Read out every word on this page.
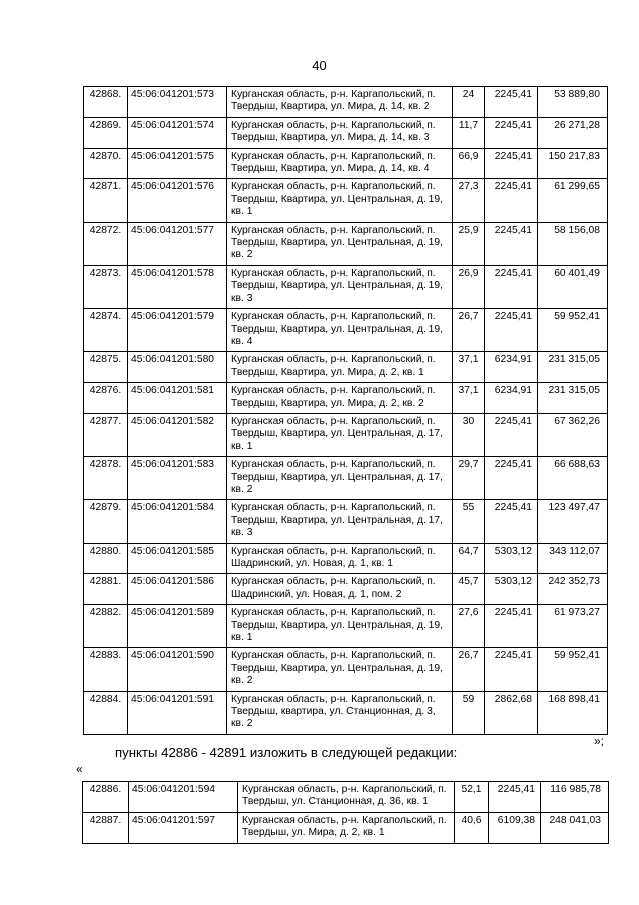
40
42868.	45:06:041201:573	Курганская область, р-н. Каргапольский, п. Твердыш, Квартира, ул. Мира, д. 14, кв. 2	24	2245,41	53 889,80
42869.	45:06:041201:574	Курганская область, р-н. Каргапольский, п. Твердыш, Квартира, ул. Мира, д. 14, кв. 3	11,7	2245,41	26 271,28
42870.	45:06:041201:575	Курганская область, р-н. Каргапольский, п. Твердыш, Квартира, ул. Мира, д. 14, кв. 4	66,9	2245,41	150 217,83
42871.	45:06:041201:576	Курганская область, р-н. Каргапольский, п. Твердыш, Квартира, ул. Центральная, д. 19, кв. 1	27,3	2245,41	61 299,65
42872.	45:06:041201:577	Курганская область, р-н. Каргапольский, п. Твердыш, Квартира, ул. Центральная, д. 19, кв. 2	25,9	2245,41	58 156,08
42873.	45:06:041201:578	Курганская область, р-н. Каргапольский, п. Твердыш, Квартира, ул. Центральная, д. 19, кв. 3	26,9	2245,41	60 401,49
42874.	45:06:041201:579	Курганская область, р-н. Каргапольский, п. Твердыш, Квартира, ул. Центральная, д. 19, кв. 4	26,7	2245,41	59 952,41
42875.	45:06:041201:580	Курганская область, р-н. Каргапольский, п. Твердыш, Квартира, ул. Мира, д. 2, кв. 1	37,1	6234,91	231 315,05
42876.	45:06:041201:581	Курганская область, р-н. Каргапольский, п. Твердыш, Квартира, ул. Мира, д. 2, кв. 2	37,1	6234,91	231 315,05
42877.	45:06:041201:582	Курганская область, р-н. Каргапольский, п. Твердыш, Квартира, ул. Центральная, д. 17, кв. 1	30	2245,41	67 362,26
42878.	45:06:041201:583	Курганская область, р-н. Каргапольский, п. Твердыш, Квартира, ул. Центральная, д. 17, кв. 2	29,7	2245,41	66 688,63
42879.	45:06:041201:584	Курганская область, р-н. Каргапольский, п. Твердыш, Квартира, ул. Центральная, д. 17, кв. 3	55	2245,41	123 497,47
42880.	45:06:041201:585	Курганская область, р-н. Каргапольский, п. Шадринский, ул. Новая, д. 1, кв. 1	64,7	5303,12	343 112,07
42881.	45:06:041201:586	Курганская область, р-н. Каргапольский, п. Шадринский, ул. Новая, д. 1, пом. 2	45,7	5303,12	242 352,73
42882.	45:06:041201:589	Курганская область, р-н. Каргапольский, п. Твердыш, Квартира, ул. Центральная, д. 19, кв. 1	27,6	2245,41	61 973,27
42883.	45:06:041201:590	Курганская область, р-н. Каргапольский, п. Твердыш, Квартира, ул. Центральная, д. 19, кв. 2	26,7	2245,41	59 952,41
42884.	45:06:041201:591	Курганская область, р-н. Каргапольский, п. Твердыш, квартира, ул. Станционная, д. 3, кв. 2	59	2862,68	168 898,41
»;
пункты 42886 - 42891 изложить в следующей редакции:
«
42886.	45:06:041201:594	Курганская область, р-н. Каргапольский, п. Твердыш, ул. Станционная, д. 36, кв. 1	52,1	2245,41	116 985,78
42887.	45:06:041201:597	Курганская область, р-н. Каргапольский, п. Твердыш, ул. Мира, д. 2, кв. 1	40,6	6109,38	248 041,03
